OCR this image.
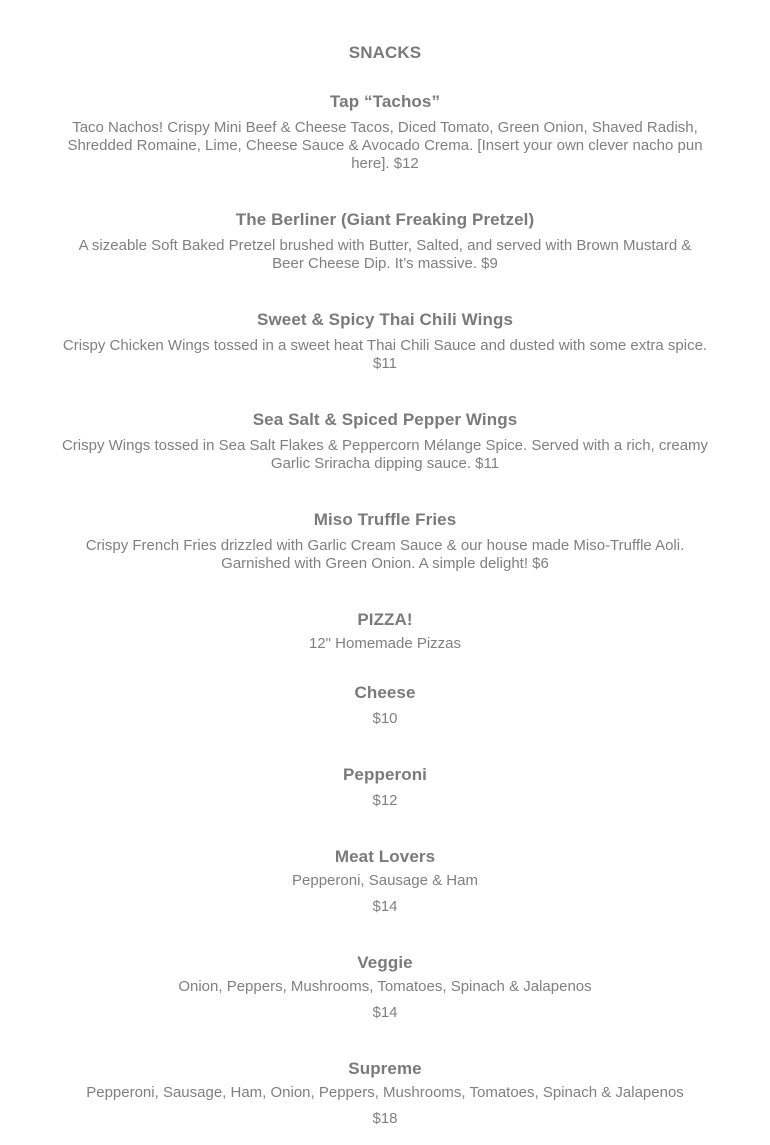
SNACKS
Tap “Tachos”
Taco Nachos! Crispy Mini Beef & Cheese Tacos, Diced Tomato, Green Onion, Shaved Radish,
Shredded Romaine, Lime, Cheese Sauce & Avocado Crema. [Insert your own clever nacho pun
here]. $12
The Berliner (Giant Freaking Pretzel)
A sizeable Soft Baked Pretzel brushed with Butter, Salted, and served with Brown Mustard &
Beer Cheese Dip. It’s massive. $9
Sweet & Spicy Thai Chili Wings
Crispy Chicken Wings tossed in a sweet heat Thai Chili Sauce and dusted with some extra spice.
$11
Sea Salt & Spiced Pepper Wings
Crispy Wings tossed in Sea Salt Flakes & Peppercorn Mélange Spice. Served with a rich, creamy
Garlic Sriracha dipping sauce. $11
Miso Truffle Fries
Crispy French Fries drizzled with Garlic Cream Sauce & our house made Miso-Truffle Aoli.
Garnished with Green Onion. A simple delight! $6
PIZZA!
12" Homemade Pizzas
Cheese
$10
Pepperoni
$12
Meat Lovers
Pepperoni, Sausage & Ham
$14
Veggie
Onion, Peppers, Mushrooms, Tomatoes, Spinach & Jalapenos
$14
Supreme
Pepperoni, Sausage, Ham, Onion, Peppers, Mushrooms, Tomatoes, Spinach & Jalapenos
$18
